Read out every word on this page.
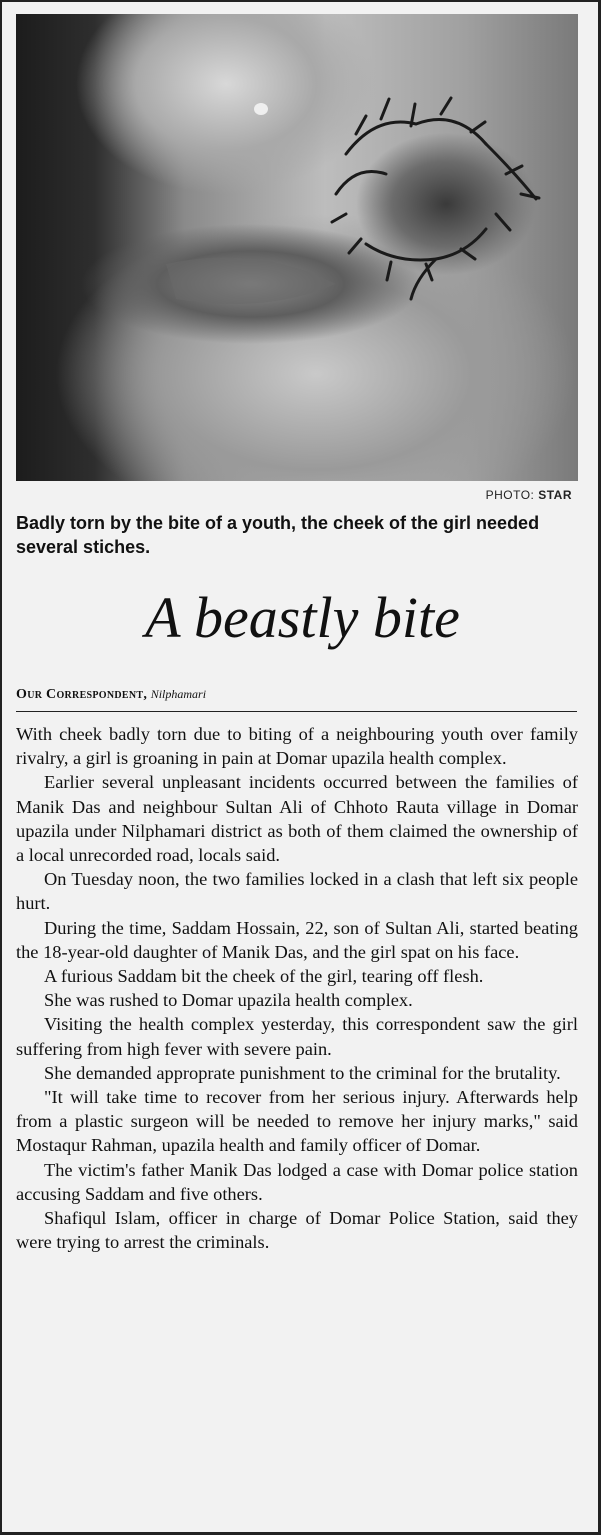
PHOTO: STAR
Badly torn by the bite of a youth, the cheek of the girl needed several stiches.
A beastly bite
Our Correspondent, Nilphamari

With cheek badly torn due to biting of a neighbouring youth over family rivalry, a girl is groaning in pain at Domar upazila health complex.

Earlier several unpleasant incidents occurred between the families of Manik Das and neighbour Sultan Ali of Chhoto Rauta village in Domar upazila under Nilphamari district as both of them claimed the ownership of a local unrecorded road, locals said.

On Tuesday noon, the two families locked in a clash that left six people hurt.

During the time, Saddam Hossain, 22, son of Sultan Ali, started beating the 18-year-old daughter of Manik Das, and the girl spat on his face.

A furious Saddam bit the cheek of the girl, tearing off flesh.

She was rushed to Domar upazila health complex.

Visiting the health complex yesterday, this correspondent saw the girl suffering from high fever with severe pain.

She demanded approprate punishment to the criminal for the brutality.

"It will take time to recover from her serious injury. Afterwards help from a plastic surgeon will be needed to remove her injury marks," said Mostaqur Rahman, upazila health and family officer of Domar.

The victim's father Manik Das lodged a case with Domar police station accusing Saddam and five others.

Shafiqul Islam, officer in charge of Domar Police Station, said they were trying to arrest the criminals.
